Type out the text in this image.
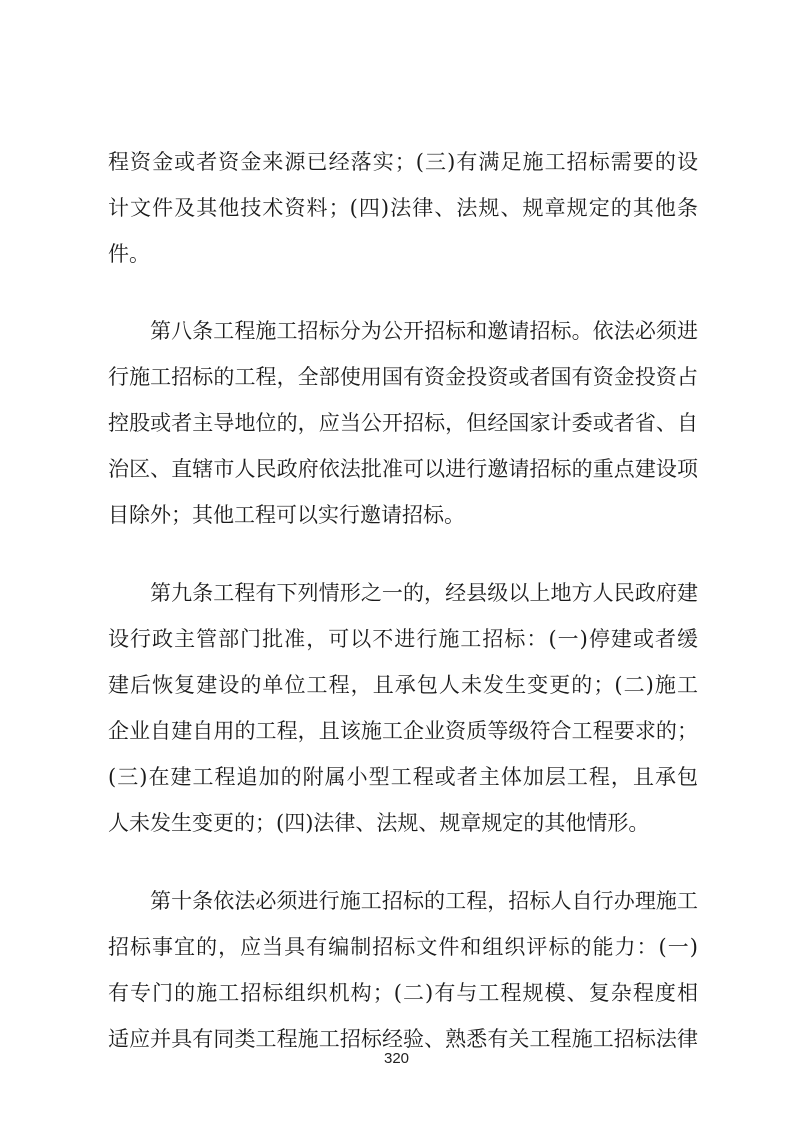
程资金或者资金来源已经落实；(三)有满足施工招标需要的设
计文件及其他技术资料；(四)法律、法规、规章规定的其他条
件。
第八条工程施工招标分为公开招标和邀请招标。依法必须进
行施工招标的工程，全部使用国有资金投资或者国有资金投资占
控股或者主导地位的，应当公开招标，但经国家计委或者省、自
治区、直辖市人民政府依法批准可以进行邀请招标的重点建设项
目除外；其他工程可以实行邀请招标。
第九条工程有下列情形之一的，经县级以上地方人民政府建
设行政主管部门批准，可以不进行施工招标：(一)停建或者缓
建后恢复建设的单位工程，且承包人未发生变更的；(二)施工
企业自建自用的工程，且该施工企业资质等级符合工程要求的；
(三)在建工程追加的附属小型工程或者主体加层工程，且承包
人未发生变更的；(四)法律、法规、规章规定的其他情形。
第十条依法必须进行施工招标的工程，招标人自行办理施工
招标事宜的，应当具有编制招标文件和组织评标的能力：(一)
有专门的施工招标组织机构；(二)有与工程规模、复杂程度相
适应并具有同类工程施工招标经验、熟悉有关工程施工招标法律
320
